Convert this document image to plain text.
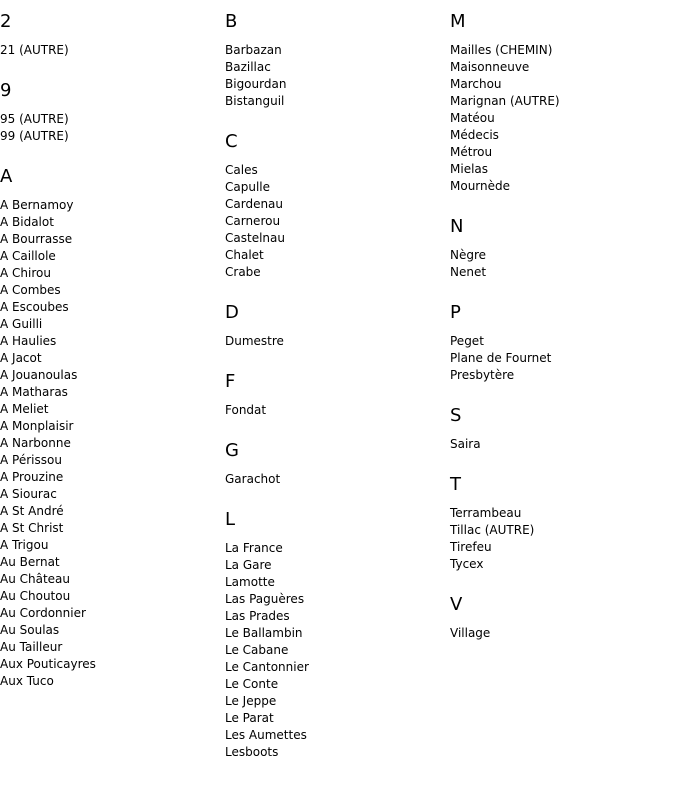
2
21 (AUTRE)
9
95 (AUTRE)
99 (AUTRE)
A
A Bernamoy
A Bidalot
A Bourrasse
A Caillole
A Chirou
A Combes
A Escoubes
A Guilli
A Haulies
A Jacot
A Jouanoulas
A Matharas
A Meliet
A Monplaisir
A Narbonne
A Périssou
A Prouzine
A Siourac
A St André
A St Christ
A Trigou
Au Bernat
Au Château
Au Choutou
Au Cordonnier
Au Soulas
Au Tailleur
Aux Pouticayres
Aux Tuco
B
Barbazan
Bazillac
Bigourdan
Bistanguil
C
Cales
Capulle
Cardenau
Carnerou
Castelnau
Chalet
Crabe
D
Dumestre
F
Fondat
G
Garachot
L
La France
La Gare
Lamotte
Las Paguères
Las Prades
Le Ballambin
Le Cabane
Le Cantonnier
Le Conte
Le Jeppe
Le Parat
Les Aumettes
Lesboots
M
Mailles (CHEMIN)
Maisonneuve
Marchou
Marignan (AUTRE)
Matéou
Médecis
Métrou
Mielas
Mournède
N
Nègre
Nenet
P
Peget
Plane de Fournet
Presbytère
S
Saira
T
Terrambeau
Tillac (AUTRE)
Tirefeu
Tycex
V
Village
